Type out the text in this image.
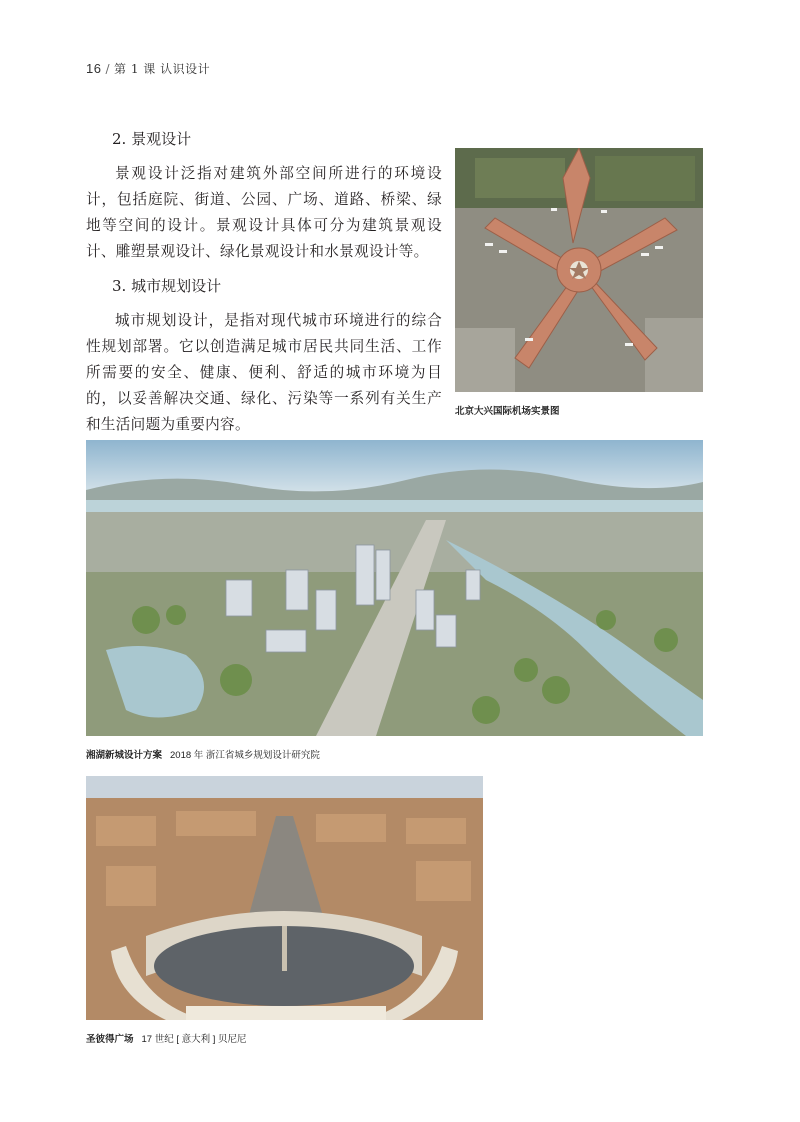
16 / 第 1 课 认识设计
2. 景观设计

景观设计泛指对建筑外部空间所进行的环境设计，包括庭院、街道、公园、广场、道路、桥梁、绿地等空间的设计。景观设计具体可分为建筑景观设计、雕塑景观设计、绿化景观设计和水景观设计等。

3. 城市规划设计

城市规划设计，是指对现代城市环境进行的综合性规划部署。它以创造满足城市居民共同生活、工作所需要的安全、健康、便利、舒适的城市环境为目的，以妥善解决交通、绿化、污染等一系列有关生产和生活问题为重要内容。

北京大兴国际机场实景图
湘湖新城设计方案 2018 年 浙江省城乡规划设计研究院
圣彼得广场 17 世纪 [ 意大利 ] 贝尼尼
